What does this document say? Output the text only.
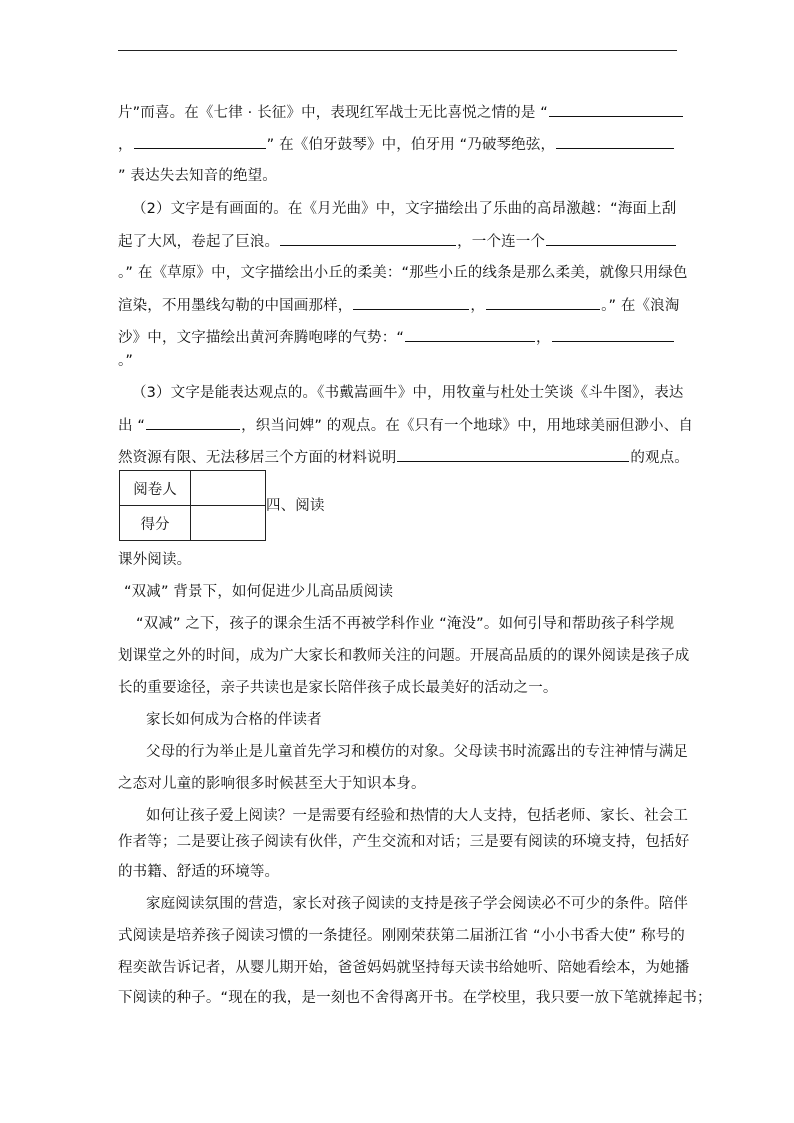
片”而喜。在《七律 · 长征》中，表现红军战士无比喜悦之情的是 “
，	” 在《伯牙鼓琴》中，伯牙用 “乃破琴绝弦，
” 表达失去知音的绝望。
（2）文字是有画面的。在《月光曲》中，文字描绘出了乐曲的高昂激越：“海面上刮
起了大风，卷起了巨浪。	，一个连一个
。” 在《草原》中，文字描绘出小丘的柔美：“那些小丘的线条是那么柔美，就像只用绿色
渲染，不用墨线勾勒的中国画那样，	，	。” 在《浪淘
沙》中，文字描绘出黄河奔腾咆哮的气势：“	，
。”
（3）文字是能表达观点的。《书戴嵩画牛》中，用牧童与杜处士笑谈《斗牛图》，表达
出 “	，织当问婢” 的观点。在《只有一个地球》中，用地球美丽但渺小、自
然资源有限、无法移居三个方面的材料说明	的观点。
阅卷人	
得分	
四、阅读
课外阅读。
“双减” 背景下，如何促进少儿高品质阅读
“双减” 之下，孩子的课余生活不再被学科作业 “淹没”。如何引导和帮助孩子科学规
划课堂之外的时间，成为广大家长和教师关注的问题。开展高品质的的课外阅读是孩子成
长的重要途径，亲子共读也是家长陪伴孩子成长最美好的活动之一。
家长如何成为合格的伴读者
父母的行为举止是儿童首先学习和模仿的对象。父母读书时流露出的专注神情与满足
之态对儿童的影响很多时候甚至大于知识本身。
如何让孩子爱上阅读？一是需要有经验和热情的大人支持，包括老师、家长、社会工
作者等；二是要让孩子阅读有伙伴，产生交流和对话；三是要有阅读的环境支持，包括好
的书籍、舒适的环境等。
家庭阅读氛围的营造，家长对孩子阅读的支持是孩子学会阅读必不可少的条件。陪伴
式阅读是培养孩子阅读习惯的一条捷径。刚刚荣获第二届浙江省 “小小书香大使” 称号的
程奕歆告诉记者，从婴儿期开始，爸爸妈妈就坚持每天读书给她听、陪她看绘本，为她播
下阅读的种子。“现在的我，是一刻也不舍得离开书。在学校里，我只要一放下笔就捧起书；
